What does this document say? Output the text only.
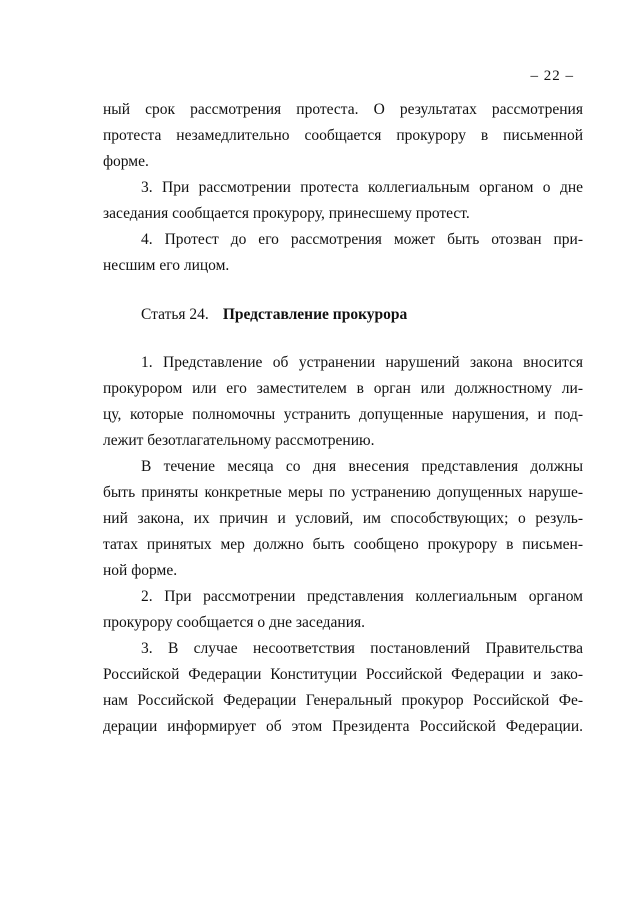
– 22 –
ный срок рассмотрения протеста. О результатах рассмотрения
протеста незамедлительно сообщается прокурору в письменной
форме.
3. При рассмотрении протеста коллегиальным органом о дне
заседания сообщается прокурору, принесшему протест.
4. Протест до его рассмотрения может быть отозван при-
несшим его лицом.
Статья 24. Представление прокурора
1. Представление об устранении нарушений закона вносится
прокурором или его заместителем в орган или должностному ли-
цу, которые полномочны устранить допущенные нарушения, и под-
лежит безотлагательному рассмотрению.
В течение месяца со дня внесения представления должны
быть приняты конкретные меры по устранению допущенных наруше-
ний закона, их причин и условий, им способствующих; о резуль-
татах принятых мер должно быть сообщено прокурору в письмен-
ной форме.
2. При рассмотрении представления коллегиальным органом
прокурору сообщается о дне заседания.
3. В случае несоответствия постановлений Правительства
Российской Федерации Конституции Российской Федерации и зако-
нам Российской Федерации Генеральный прокурор Российской Фе-
дерации информирует об этом Президента Российской Федерации.
